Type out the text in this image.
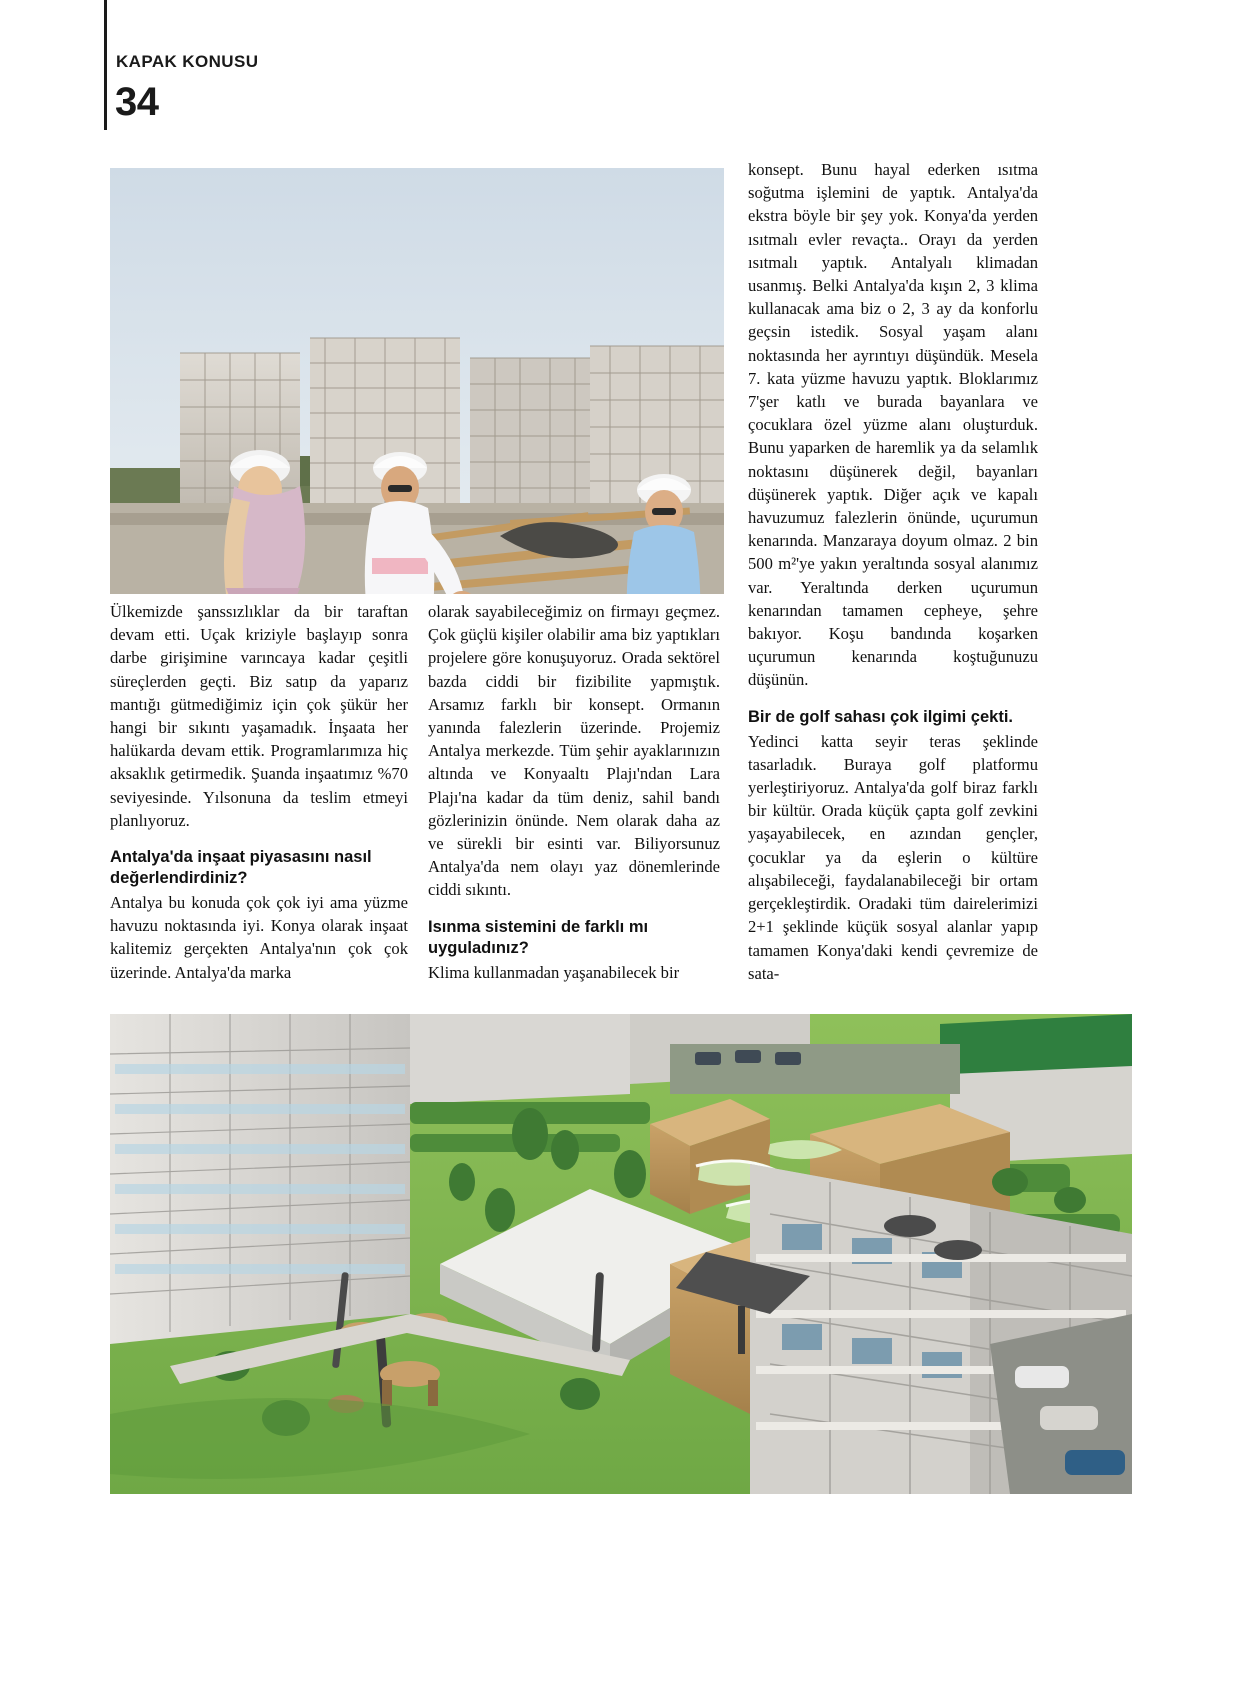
KAPAK KONUSU
34

Ülkemizde şanssızlıklar da bir taraftan devam etti. Uçak kriziyle başlayıp sonra darbe girişimine varıncaya kadar çeşitli süreçlerden geçti. Biz satıp da yaparız mantığı gütmediğimiz için çok şükür her hangi bir sıkıntı yaşamadık. İnşaata her halükarda devam ettik. Programlarımıza hiç aksaklık getirmedik. Şuanda inşaatımız %70 seviyesinde. Yılsonuna da teslim etmeyi planlıyoruz.

Antalya'da inşaat piyasasını nasıl değerlendirdiniz?

Antalya bu konuda çok çok iyi ama yüzme havuzu noktasında iyi. Konya olarak inşaat kalitemiz gerçekten Antalya'nın çok çok üzerinde. Antalya'da marka

olarak sayabileceğimiz on firmayı geçmez. Çok güçlü kişiler olabilir ama biz yaptıkları projelere göre konuşuyoruz. Orada sektörel bazda ciddi bir fizibilite yapmıştık. Arsamız farklı bir konsept. Ormanın yanında falezlerin üzerinde. Projemiz Antalya merkezde. Tüm şehir ayaklarınızın altında ve Konyaaltı Plajı'ndan Lara Plajı'na kadar da tüm deniz, sahil bandı gözlerinizin önünde. Nem olarak daha az ve sürekli bir esinti var. Biliyorsunuz Antalya'da nem olayı yaz dönemlerinde ciddi sıkıntı.

Isınma sistemini de farklı mı uyguladınız?

Klima kullanmadan yaşanabilecek bir

konsept. Bunu hayal ederken ısıtma soğutma işlemini de yaptık. Antalya'da ekstra böyle bir şey yok. Konya'da yerden ısıtmalı evler revaçta.. Orayı da yerden ısıtmalı yaptık. Antalyalı klimadan usanmış. Belki Antalya'da kışın 2, 3 klima kullanacak ama biz o 2, 3 ay da konforlu geçsin istedik. Sosyal yaşam alanı noktasında her ayrıntıyı düşündük. Mesela 7. kata yüzme havuzu yaptık. Bloklarımız 7'şer katlı ve burada bayanlara ve çocuklara özel yüzme alanı oluşturduk. Bunu yaparken de haremlik ya da selamlık noktasını düşünerek değil, bayanları düşünerek yaptık. Diğer açık ve kapalı havuzumuz falezlerin önünde, uçurumun kenarında. Manzaraya doyum olmaz. 2 bin 500 m²'ye yakın yeraltında sosyal alanımız var. Yeraltında derken uçurumun kenarından tamamen cepheye, şehre bakıyor. Koşu bandında koşarken uçurumun kenarında koştuğunuzu düşünün.

Bir de golf sahası çok ilgimi çekti.

Yedinci katta seyir teras şeklinde tasarladık. Buraya golf platformu yerleştiriyoruz. Antalya'da golf biraz farklı bir kültür. Orada küçük çapta golf zevkini yaşayabilecek, en azından gençler, çocuklar ya da eşlerin o kültüre alışabileceği, faydalanabileceği bir ortam gerçekleştirdik. Oradaki tüm dairelerimizi 2+1 şeklinde küçük sosyal alanlar yapıp tamamen Konya'daki kendi çevremize de sata-
